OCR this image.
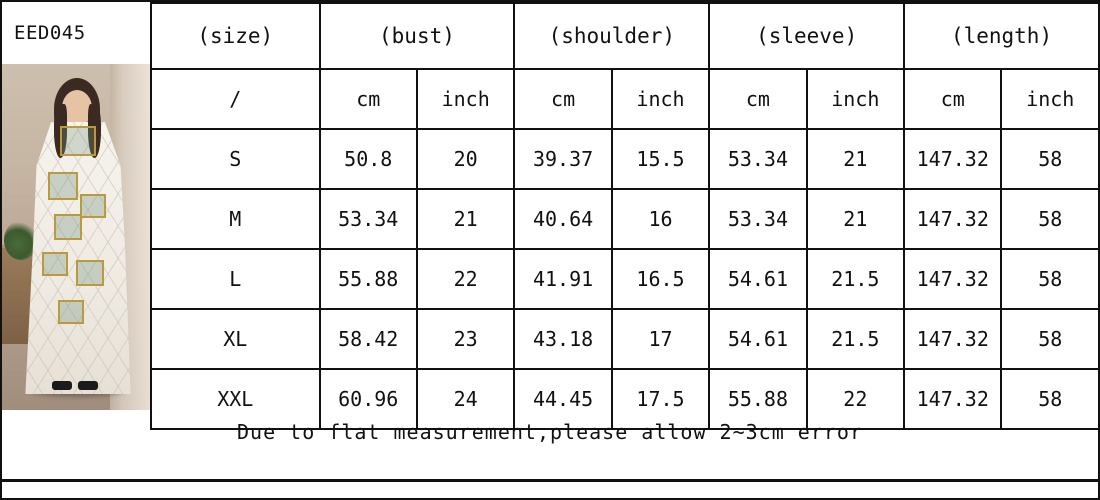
EED045	(size)	(bust)		(shoulder)		(sleeve)		(length)	
/	cm	inch	cm	inch	cm	inch	cm	inch
S	50.8	20	39.37	15.5	53.34	21	147.32	58
M	53.34	21	40.64	16	53.34	21	147.32	58
L	55.88	22	41.91	16.5	54.61	21.5	147.32	58
XL	58.42	23	43.18	17	54.61	21.5	147.32	58
XXL	60.96	24	44.45	17.5	55.88	22	147.32	58
Due to flat measurement,please allow 2~3cm error
